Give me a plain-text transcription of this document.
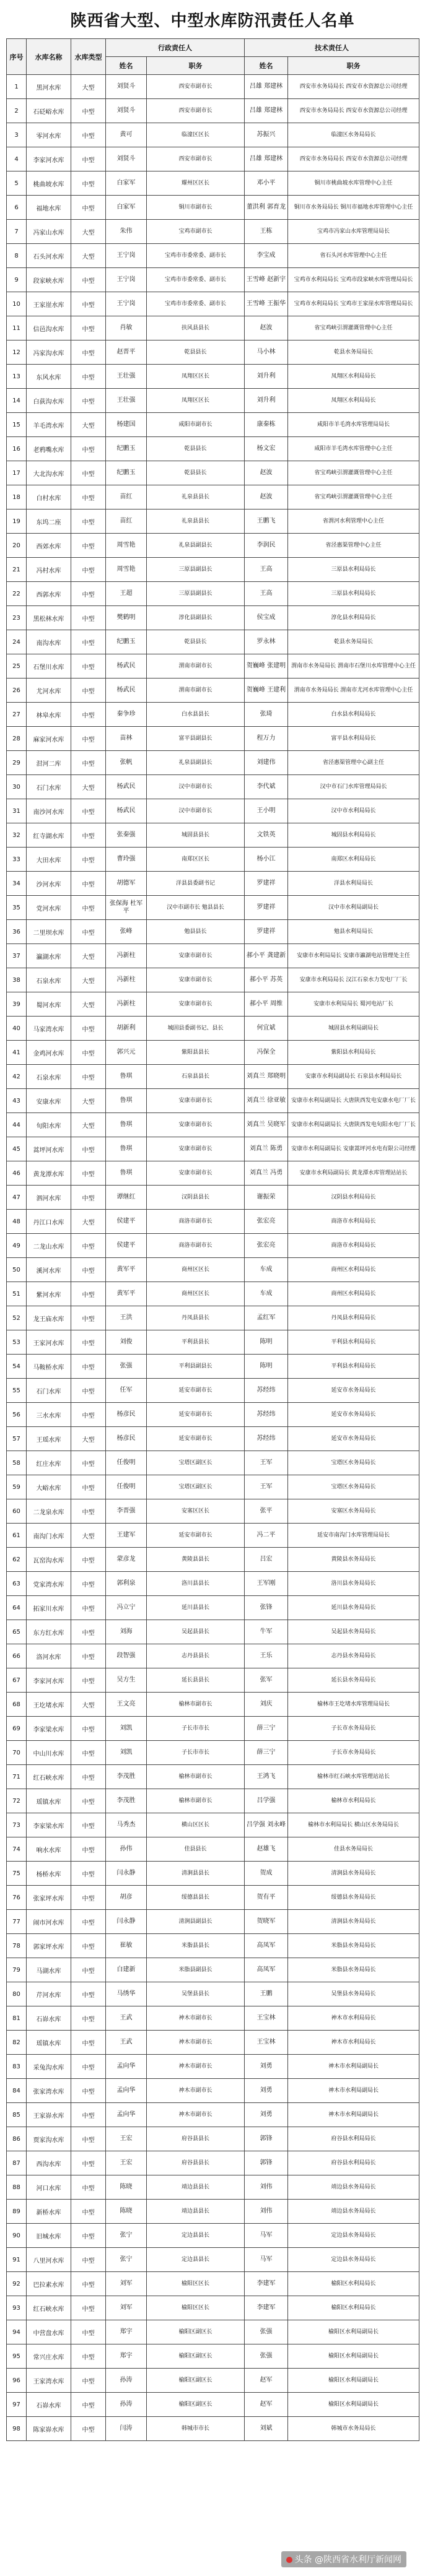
陕西省大型、中型水库防汛责任人名单
序号	水库名称	水库类型	行政责任人		技术责任人	
			姓名	职务	姓名	职务
1	黑河水库	大型	刘贤斗	西安市副市长	吕雄 郑建林	西安市水务局局长 西安市水资源总公司经理
2	石砭峪水库	中型	刘贤斗	西安市副市长	吕雄 郑建林	西安市水务局局长 西安市水资源总公司经理
3	零河水库	中型	黄可	临潼区区长	苏振兴	临潼区水务局局长
4	李家河水库	中型	刘贤斗	西安市副市长	吕雄 郑建林	西安市水务局局长 西安市水资源总公司经理
5	桃曲坡水库	中型	白家军	耀州区区长	邓小平	铜川市桃曲坡水库管理中心主任
6	福地水库	中型	白家军	铜川市副市长	董洪利 郭育龙	铜川市水务局局长 铜川市福地水库管理中心主任
7	冯家山水库	大型	朱伟	宝鸡市副市长	王栋	宝鸡市冯家山水库管理局局长
8	石头河水库	大型	王宁岗	宝鸡市市委常委、副市长	李宝成	省石头河水库管理中心主任
9	段家峡水库	中型	王宁岗	宝鸡市市委常委、副市长	王雪峰 赵新宇	宝鸡市水利局局长 宝鸡市段家峡水库管理局局长
10	王家崖水库	中型	王宁岗	宝鸡市市委常委、副市长	王雪峰 王振华	宝鸡市水利局局长 宝鸡市王家崖水库管理局局长
11	信邑沟水库	中型	肖敏	扶风县县长	赵波	省宝鸡峡引渭灌溉管理中心主任
12	冯家沟水库	中型	赵晋平	乾县县长	马小林	乾县水务局局长
13	东风水库	中型	王壮强	凤翔区区长	刘升利	凤翔区水利局局长
14	白荻沟水库	中型	王壮强	凤翔区区长	刘升利	凤翔区水利局局长
15	羊毛湾水库	大型	杨建国	咸阳市副市长	康秦栋	咸阳市羊毛湾水库管理局局长
16	老鸦嘴水库	中型	纪鹏玉	乾县县长	杨文宏	咸阳市羊毛湾水库管理中心主任
17	大北沟水库	中型	纪鹏玉	乾县县长	赵波	省宝鸡峡引渭灌溉管理中心主任
18	白村水库	中型	苗红	礼泉县县长	赵波	省宝鸡峡引渭灌溉管理中心主任
19	东坞二座	中型	苗红	礼泉县县长	王鹏飞	省渭河水利管理中心主任
20	西郊水库	中型	周雪艳	礼泉县副县长	李润民	省泾惠渠管理中心主任
21	冯村水库	中型	周雪艳	三原县副县长	王高	三原县水利局局长
22	西郭水库	中型	王超	三原县副县长	王高	三原县水利局局长
23	黑松林水库	中型	樊鹤明	淳化县副县长	侯宝成	淳化县水利局局长
24	南沟水库	中型	纪鹏玉	乾县县长	罗永林	乾县水务局局长
25	石堡川水库	中型	杨武民	渭南市副市长	贺巍峰 张建明	渭南市水务局局长 渭南市石堡川水库管理中心主任
26	尤河水库	中型	杨武民	渭南市副市长	贺巍峰 王建利	渭南市水务局局长 渭南市尤河水库管理中心主任
27	林皋水库	中型	秦争珍	白水县县长	张琦	白水县水利局局长
28	麻家河水库	中型	苗林	富平县副县长	程万力	富平县水利局局长
29	泔河二库	中型	张帆	礼泉县副县长	刘建伟	省泾惠渠管理中心副主任
30	石门水库	大型	杨武民	汉中市副市长	李代斌	汉中市石门水库管理局局长
31	南沙河水库	中型	杨武民	汉中市副市长	王小明	汉中市水利局局长
32	红寺湖水库	中型	张秦强	城固县县长	文铁英	城固县水利局局长
33	大田水库	中型	曹玲强	南郑区区长	杨小江	南郑区水利局局长
34	沙河水库	中型	胡德军	洋县县委副书记	罗建祥	洋县水利局局长
35	党河水库	中型	张保海 杜军平	汉中市副市长 勉县县长	罗建祥	汉中市水利局副局长
36	二里坝水库	中型	张峰	勉县县长	罗建祥	勉县水利局局长
37	瀛湖水库	大型	冯新柱	安康市副市长	郝小平 龚建新	安康市水利局局长 安康市瀛湖电站管理处主任
38	石泉水库	大型	冯新柱	安康市副市长	郝小平 苏英	安康市水利局局长 汉江石泉水力发电厂厂长
39	蜀河水库	大型	冯新柱	安康市副市长	郝小平 周维	安康市水利局局长 蜀河电站厂长
40	马家湾水库	中型	胡新利	城固县委副书记、县长	何宜斌	城固县水利局副局长
41	金鸡河水库	中型	郭兴元	紫阳县县长	冯保全	紫阳县水利局局长
42	石泉水库	中型	鲁琪	石泉县县长	刘真兰 郑晓明	安康市水利局副局长 石泉县水利局局长
43	安康水库	大型	鲁琪	安康市副市长	刘真兰 徐亚敏	安康市水利局副局长 大唐陕西发电安康水电厂厂长
44	旬阳水库	大型	鲁琪	安康市副市长	刘真兰 吴晓军	安康市水利局副局长 大唐陕西发电旬阳水电厂厂长
45	蒿坪河水库	中型	鲁琪	安康市副市长	刘真兰 陈勇	安康市水利局副局长 安康蒿坪河水电有限公司经理
46	黄龙潭水库	中型	鲁琪	安康市副市长	刘真兰 冯勇	安康市水利局副局长 黄龙潭水库管理站站长
47	泗河水库	中型	谭继红	汉阴县县长	谢振荣	汉阴县水利局局长
48	丹江口水库	大型	侯建平	商洛市副市长	张宏亮	商洛市水利局局长
49	二龙山水库	中型	侯建平	商洛市副市长	张宏亮	商洛市水利局局长
50	溪河水库	中型	黄军平	商州区区长	车成	商州区水利局局长
51	紫河水库	中型	黄军平	商州区区长	车成	商州区水利局局长
52	龙王庙水库	中型	王洪	丹凤县县长	孟红军	丹凤县水利局局长
53	王家河水库	中型	刘俊	平利县县长	陈明	平利县水利局局长
54	马鞍桥水库	中型	张强	平利县副县长	陈明	平利县水利局局长
55	石门水库	中型	任军	延安市副市长	苏经纬	延安市水务局局长
56	三水水库	中型	杨彦民	延安市副市长	苏经纬	延安市水务局局长
57	王瑶水库	大型	杨彦民	延安市副市长	苏经纬	延安市水务局局长
58	红庄水库	中型	任俊明	宝塔区副区长	王军	宝塔区水务局局长
59	大峪水库	中型	任俊明	宝塔区副区长	王军	宝塔区水务局局长
60	二龙泉水库	中型	李晋强	安塞区区长	张平	安塞区水务局局长
61	南沟门水库	大型	王建军	延安市副市长	冯二平	延安市南沟门水库管理局局长
62	瓦窑沟水库	中型	蒙彦龙	黄陵县县长	吕宏	黄陵县水务局局长
63	党家湾水库	中型	郭利泉	洛川县县长	王军刚	洛川县水务局局长
64	拓家川水库	中型	冯立宁	延川县县长	张锋	延川县水务局局长
65	东方红水库	中型	刘海	吴起县县长	牛军	吴起县水务局局长
66	洛河水库	中型	段智强	志丹县县长	王乐	志丹县水务局局长
67	李家河水库	中型	吴方生	延长县县长	张军	延长县水务局局长
68	王圪堵水库	大型	王文亮	榆林市副市长	刘庆	榆林市王圪堵水库管理局局长
69	李家梁水库	中型	刘凯	子长市市长	薛三宁	子长市水务局局长
70	中山川水库	中型	刘凯	子长市市长	薛三宁	子长市水务局局长
71	红石峡水库	中型	李茂胜	榆林市副市长	王鸿飞	榆林市红石峡水库管理站站长
72	瑶镇水库	中型	李茂胜	榆林市副市长	吕学强	榆林市水利局局长
73	李家梁水库	中型	马秀杰	横山区区长	吕学强 刘永峰	榆林市水利局局长 横山区水务局局长
74	响水水库	中型	孙伟	佳县县长	赵雄飞	佳县水务局局长
75	杨桥水库	中型	闫永静	清涧县县长	贺成	清涧县水务局局长
76	张家坪水库	中型	胡彦	绥德县县长	贺有平	绥德县水务局局长
77	闹市河水库	中型	闫永静	清涧县副县长	贺晓军	清涧县水务局局长
78	郭家坪水库	中型	崔敏	米脂县县长	高凤军	米脂县水务局局长
79	马湖水库	中型	白建新	米脂县副县长	高凤军	米脂县水务局局长
80	芹河水库	中型	马绣华	吴堡县县长	王鹏	吴堡县水务局局长
81	石峁水库	中型	王武	神木市副市长	王宝林	神木市水利局局长
82	瑶镇水库	中型	王武	神木市副市长	王宝林	神木市水利局局长
83	采兔沟水库	中型	孟向华	神木市副市长	刘勇	神木市水利局副局长
84	张家湾水库	中型	孟向华	神木市副市长	刘勇	神木市水利局副局长
85	王家峁水库	中型	孟向华	神木市副市长	刘勇	神木市水利局副局长
86	贾家沟水库	中型	王宏	府谷县县长	郭锋	府谷县水利局局长
87	西沟水库	中型	王宏	府谷县县长	郭锋	府谷县水利局局长
88	河口水库	中型	陈晓	靖边县县长	刘伟	靖边县水务局局长
89	新桥水库	中型	陈晓	靖边县县长	刘伟	靖边县水务局局长
90	旧城水库	中型	张宁	定边县县长	马军	定边县水务局局长
91	八里河水库	中型	张宁	定边县县长	马军	定边县水务局局长
92	巴拉素水库	中型	刘军	榆阳区区长	李建军	榆阳区水利局局长
93	红石峡水库	中型	刘军	榆阳区区长	李建军	榆阳区水利局局长
94	中营盘水库	中型	郑宇	榆阳区副区长	张强	榆阳区水利局副局长
95	常兴庄水库	中型	郑宇	榆阳区副区长	张强	榆阳区水利局副局长
96	王家湾水库	中型	孙涛	榆阳区副区长	赵军	榆阳区水利局副局长
97	石峁水库	中型	孙涛	榆阳区副区长	赵军	榆阳区水利局副局长
98	陈家峁水库	中型	闫涛	韩城市市长	刘斌	韩城市水务局局长
头条 @陕西省水利厅新闻网
